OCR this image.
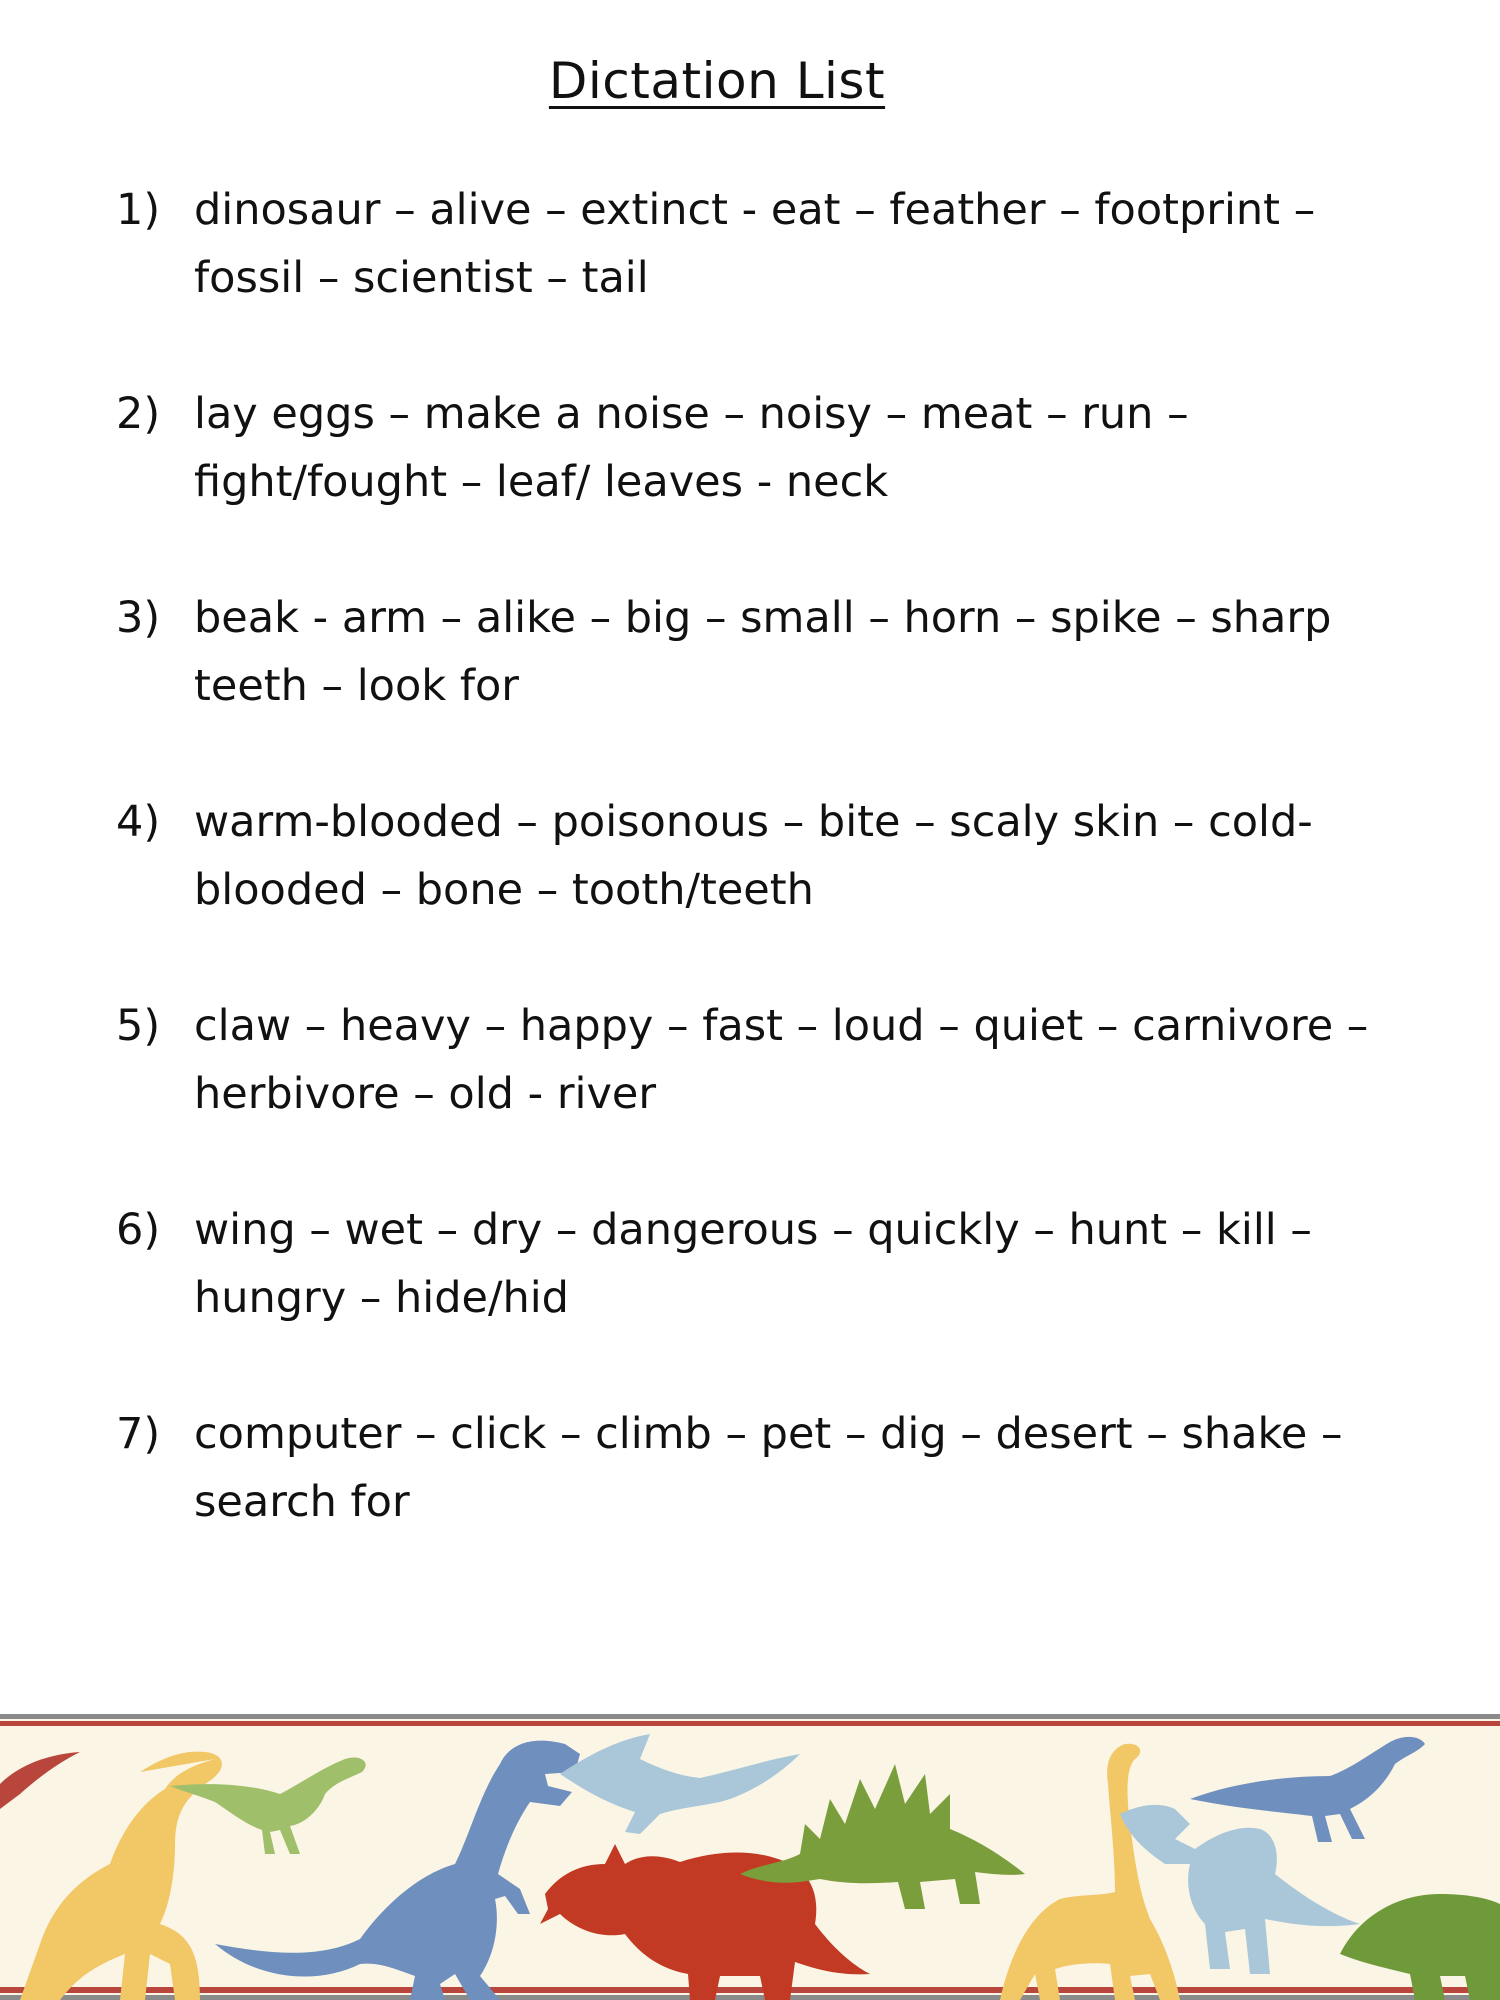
Dictation List
1) dinosaur – alive – extinct - eat – feather – footprint – fossil – scientist – tail
2) lay eggs – make a noise – noisy – meat – run – fight/fought – leaf/ leaves - neck
3) beak - arm – alike – big – small – horn – spike – sharp teeth – look for
4) warm-blooded – poisonous – bite – scaly skin – cold-blooded – bone – tooth/teeth
5) claw – heavy – happy – fast – loud – quiet – carnivore – herbivore – old - river
6) wing – wet – dry – dangerous – quickly – hunt – kill – hungry – hide/hid
7) computer – click – climb – pet – dig – desert – shake – search for
